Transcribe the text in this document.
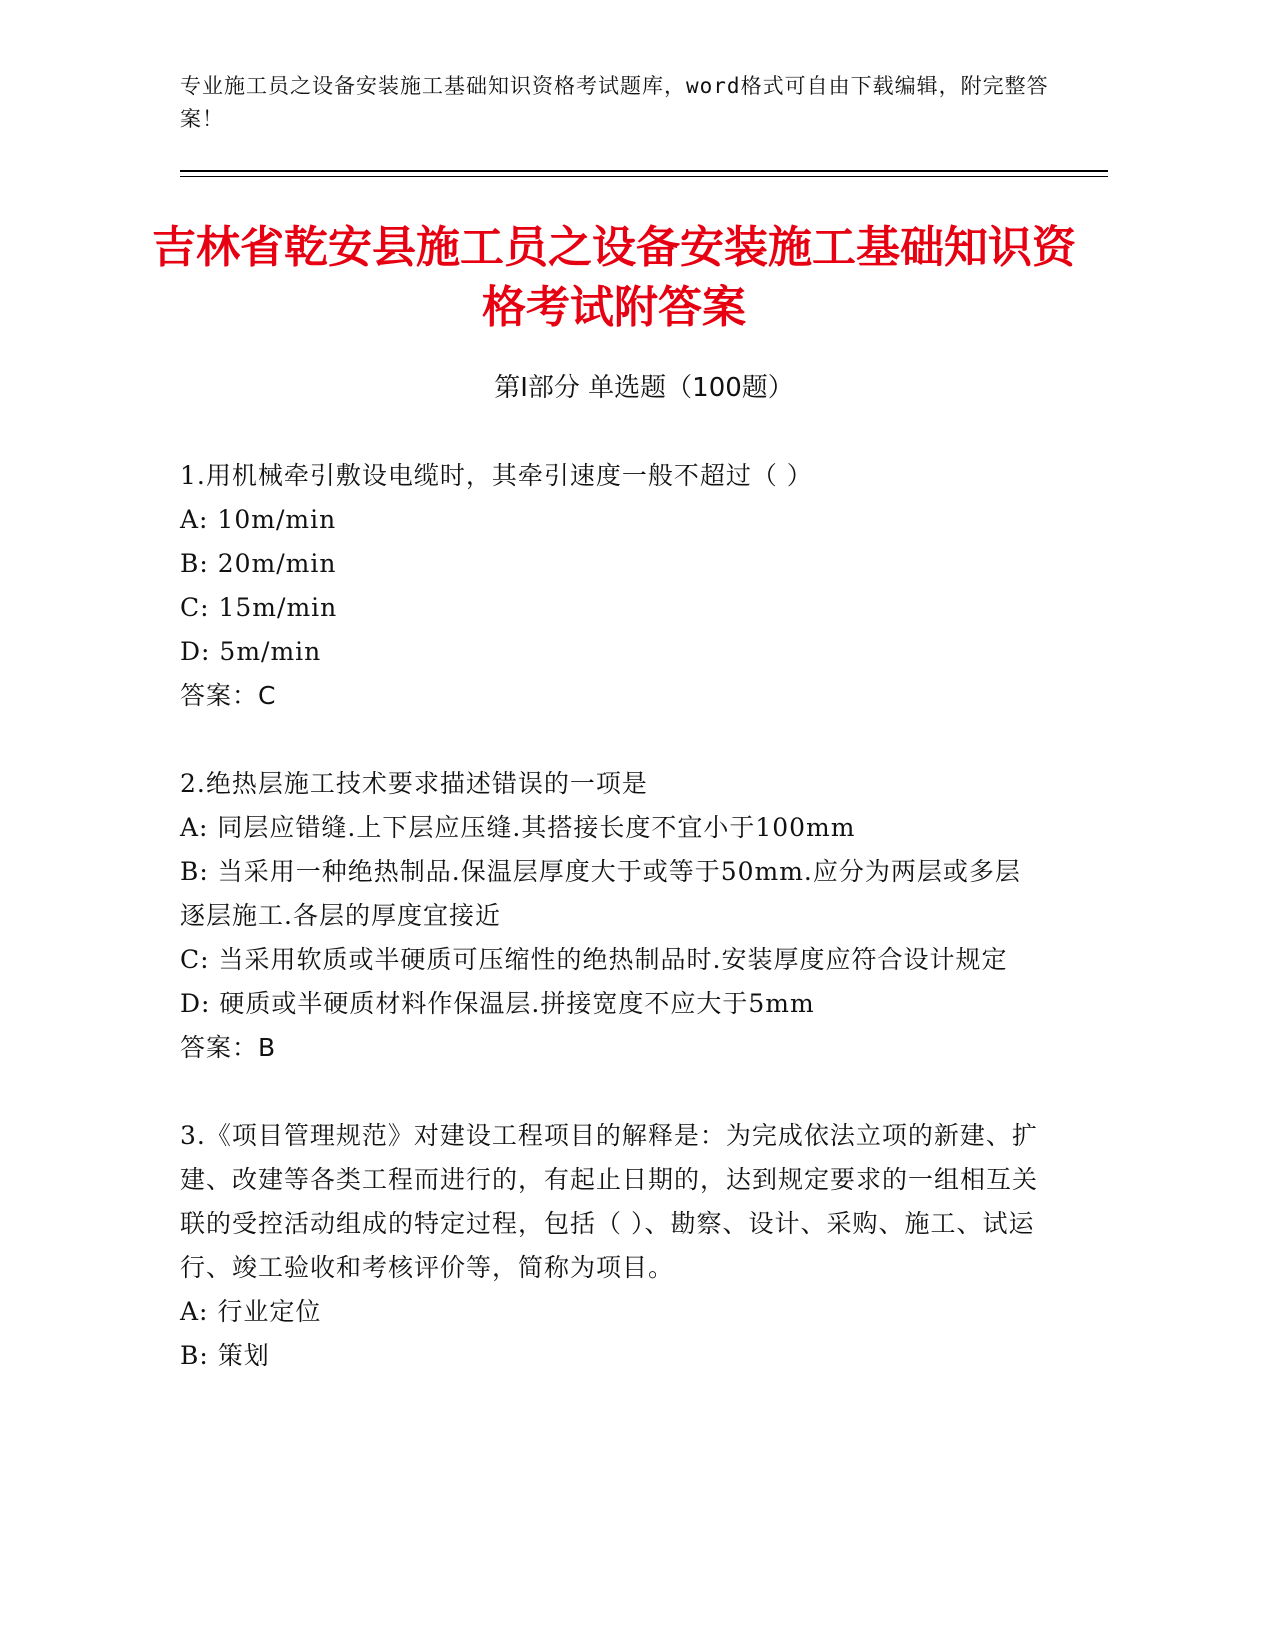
专业施工员之设备安装施工基础知识资格考试题库，word格式可自由下载编辑，附完整答案！
吉林省乾安县施工员之设备安装施工基础知识资格考试附答案
第Ⅰ部分 单选题（100题）

1.用机械牵引敷设电缆时，其牵引速度一般不超过（ ）

A: 10m/min

B: 20m/min

C: 15m/min

D: 5m/min

答案：C

2.绝热层施工技术要求描述错误的一项是

A: 同层应错缝.上下层应压缝.其搭接长度不宜小于100mm

B: 当采用一种绝热制品.保温层厚度大于或等于50mm.应分为两层或多层逐层施工.各层的厚度宜接近

C: 当采用软质或半硬质可压缩性的绝热制品时.安装厚度应符合设计规定

D: 硬质或半硬质材料作保温层.拼接宽度不应大于5mm

答案：B

3.《项目管理规范》对建设工程项目的解释是：为完成依法立项的新建、扩建、改建等各类工程而进行的，有起止日期的，达到规定要求的一组相互关联的受控活动组成的特定过程，包括（ ）、勘察、设计、采购、施工、试运行、竣工验收和考核评价等，简称为项目。

A: 行业定位

B: 策划
